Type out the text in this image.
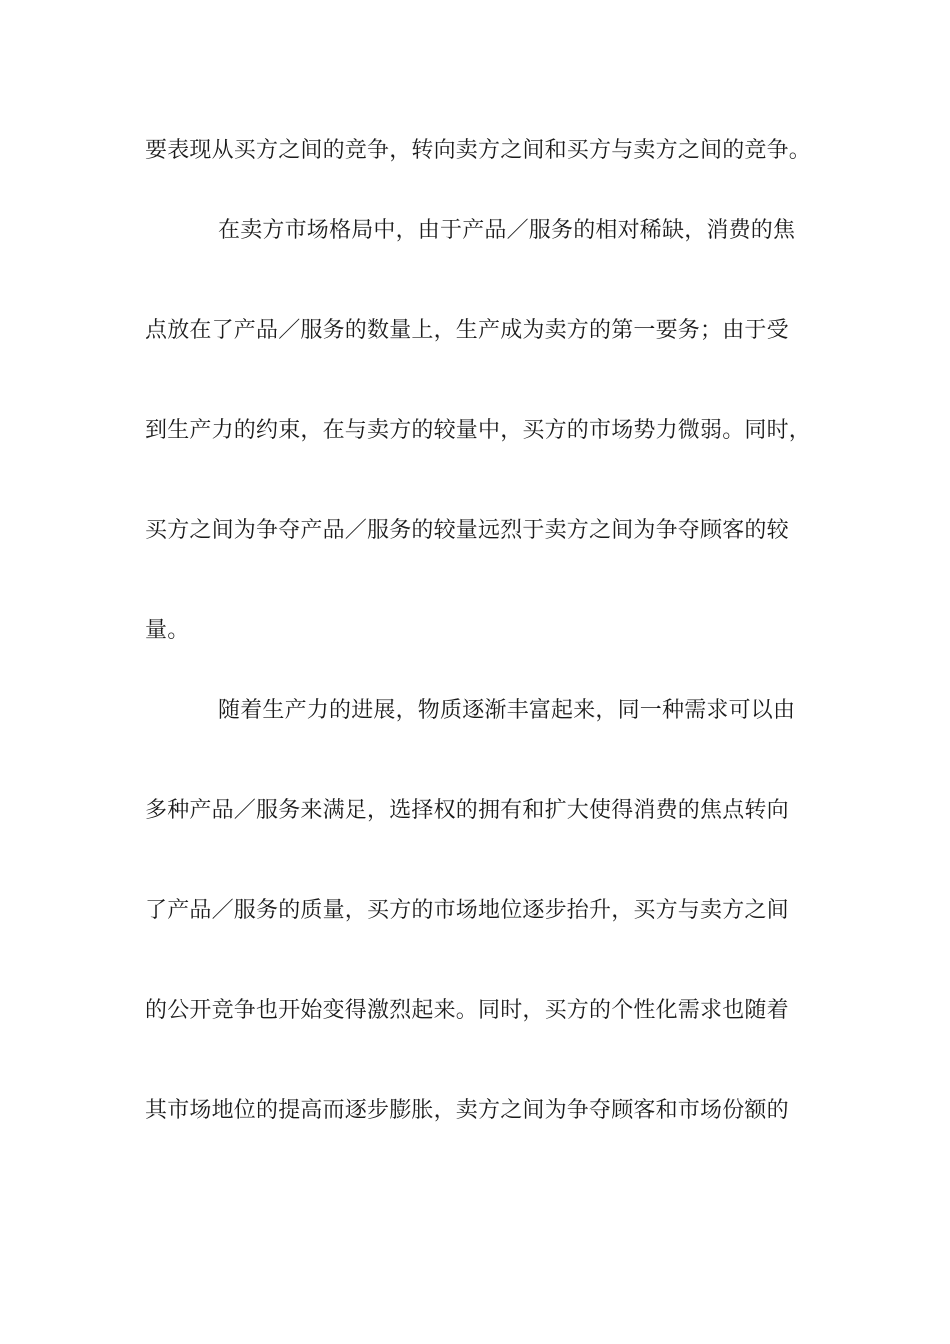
要表现从买方之间的竞争，转向卖方之间和买方与卖方之间的竞争。
在卖方市场格局中，由于产品／服务的相对稀缺，消费的焦
点放在了产品／服务的数量上，生产成为卖方的第一要务；由于受
到生产力的约束，在与卖方的较量中，买方的市场势力微弱。同时，
买方之间为争夺产品／服务的较量远烈于卖方之间为争夺顾客的较
量。
随着生产力的进展，物质逐渐丰富起来，同一种需求可以由
多种产品／服务来满足，选择权的拥有和扩大使得消费的焦点转向
了产品／服务的质量，买方的市场地位逐步抬升，买方与卖方之间
的公开竞争也开始变得激烈起来。同时，买方的个性化需求也随着
其市场地位的提高而逐步膨胀，卖方之间为争夺顾客和市场份额的
